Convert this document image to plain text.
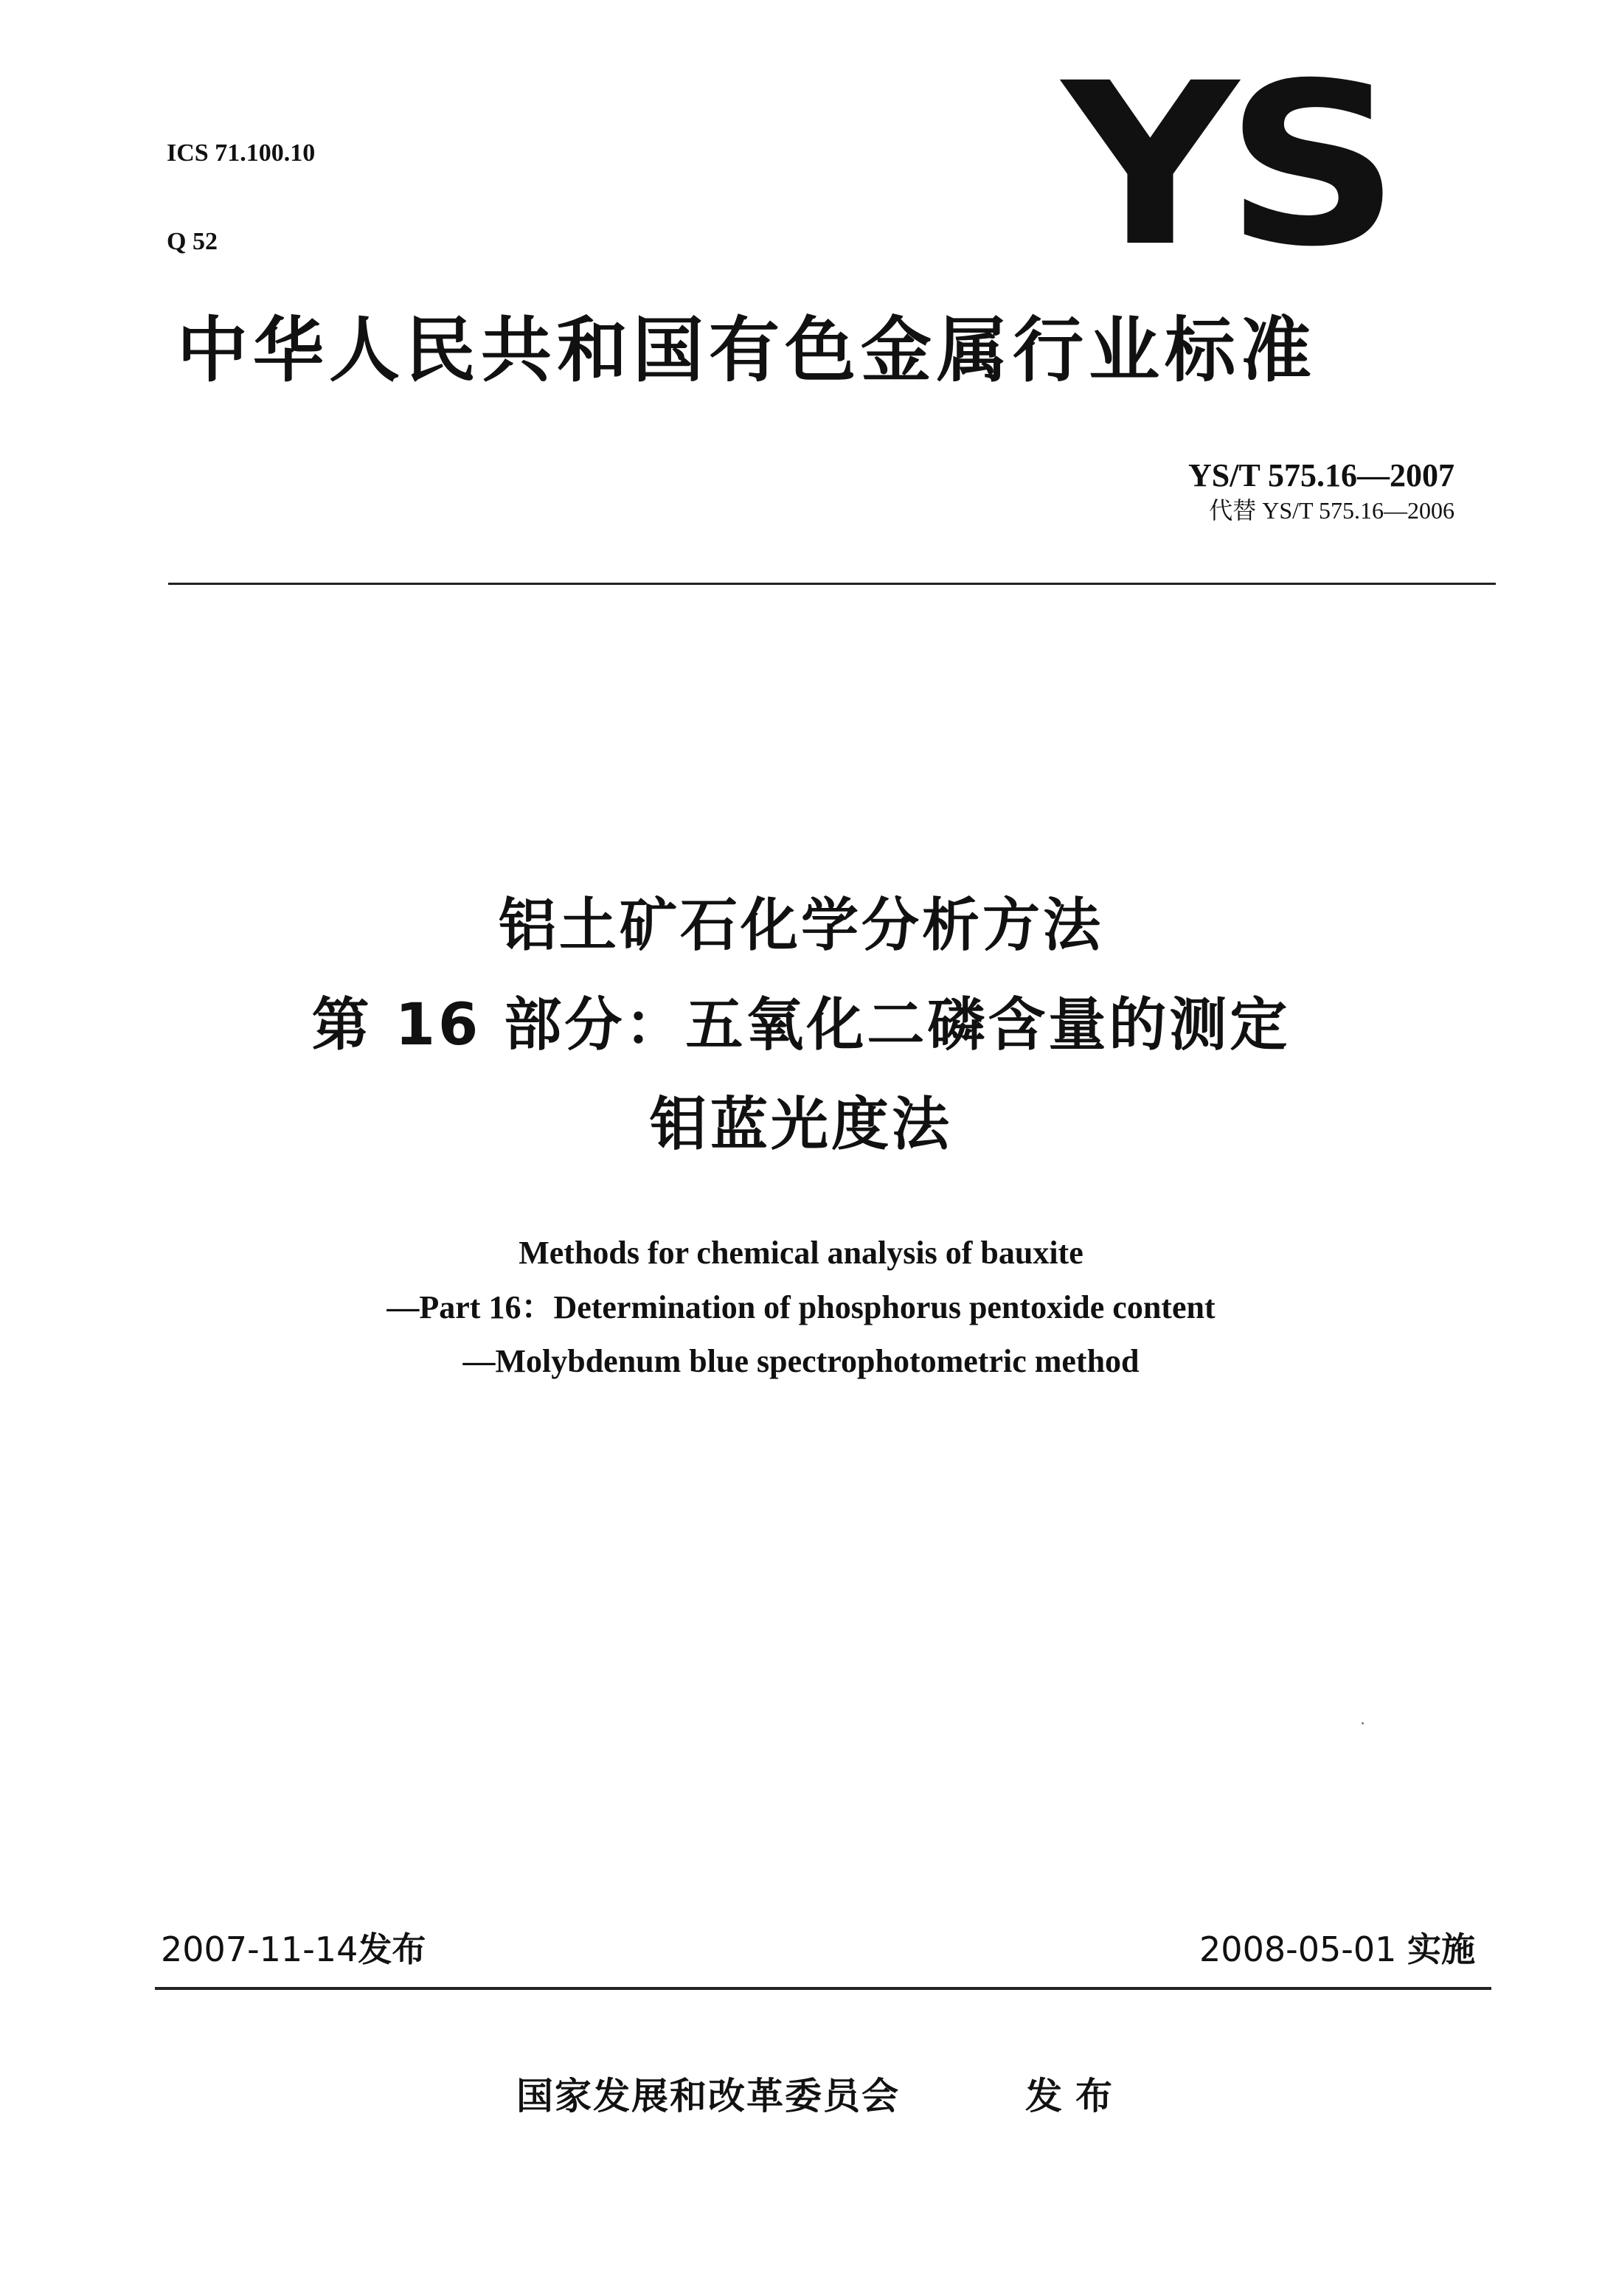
ICS 71.100.10

Q 52	YS
中华人民共和国有色金属行业标准
YS/T 575.16—2007
代替 YS/T 575.16—2006
铝土矿石化学分析方法
第 16 部分：五氧化二磷含量的测定
钼蓝光度法
Methods for chemical analysis of bauxite
—Part 16：Determination of phosphorus pentoxide content
—Molybdenum blue spectrophotometric method
2007-11-14发布	2008-05-01 实施
国家发展和改革委员会	发布
